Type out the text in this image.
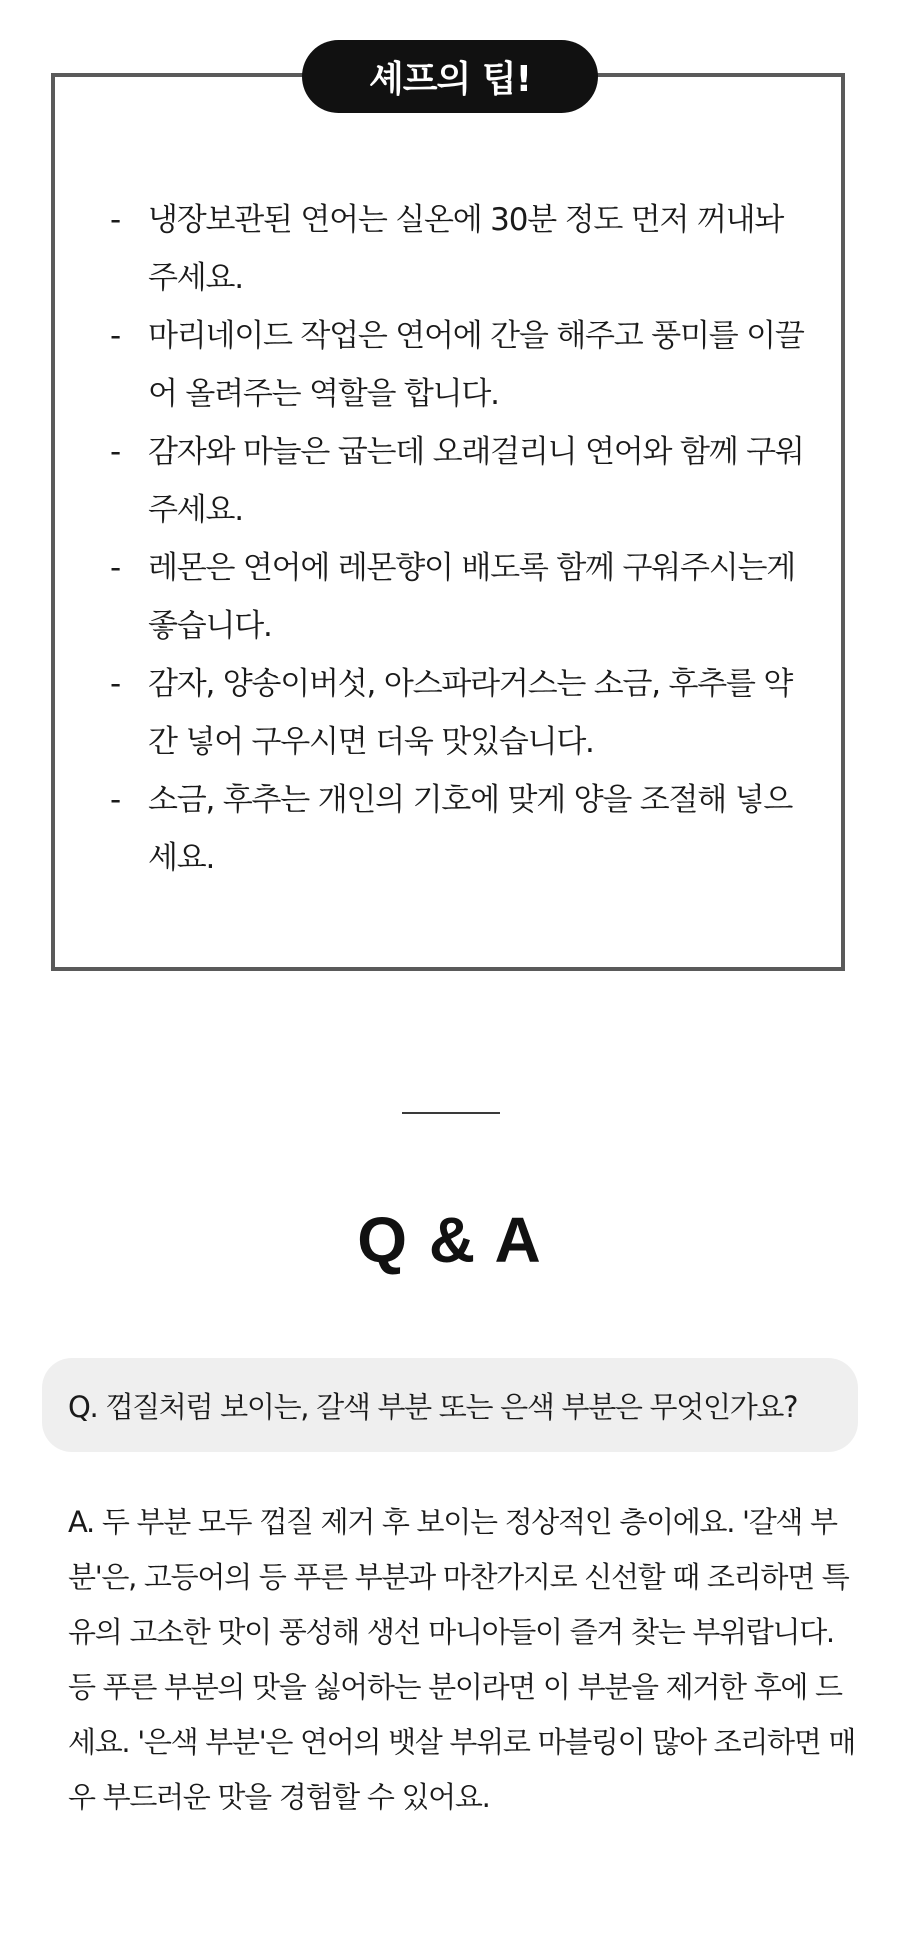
셰프의 팁!
- 냉장보관된 연어는 실온에 30분 정도 먼저 꺼내놔주세요.
- 마리네이드 작업은 연어에 간을 해주고 풍미를 이끌어 올려주는 역할을 합니다.
- 감자와 마늘은 굽는데 오래걸리니 연어와 함께 구워주세요.
- 레몬은 연어에 레몬향이 배도록 함께 구워주시는게 좋습니다.
- 감자, 양송이버섯, 아스파라거스는 소금, 후추를 약간 넣어 구우시면 더욱 맛있습니다.
- 소금, 후추는 개인의 기호에 맞게 양을 조절해 넣으세요.
Q & A
Q. 껍질처럼 보이는, 갈색 부분 또는 은색 부분은 무엇인가요?

A. 두 부분 모두 껍질 제거 후 보이는 정상적인 층이에요. '갈색 부분'은, 고등어의 등 푸른 부분과 마찬가지로 신선할 때 조리하면 특유의 고소한 맛이 풍성해 생선 마니아들이 즐겨 찾는 부위랍니다. 등 푸른 부분의 맛을 싫어하는 분이라면 이 부분을 제거한 후에 드세요. '은색 부분'은 연어의 뱃살 부위로 마블링이 많아 조리하면 매우 부드러운 맛을 경험할 수 있어요.
